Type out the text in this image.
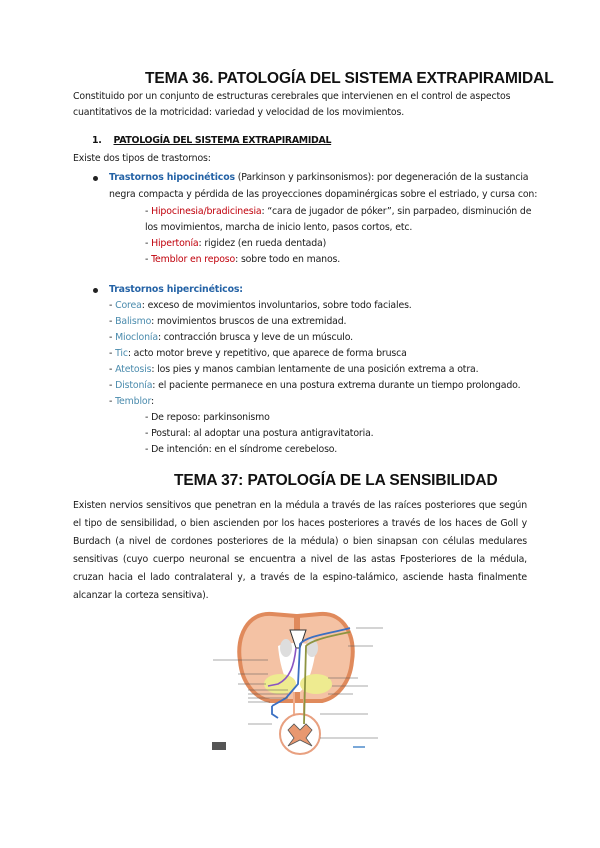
TEMA 36. PATOLOGÍA DEL SISTEMA EXTRAPIRAMIDAL
Constituido por un conjunto de estructuras cerebrales que intervienen en el control de aspectos
cuantitativos de la motricidad: variedad y velocidad de los movimientos.
1. PATOLOGÍA DEL SISTEMA EXTRAPIRAMIDAL
Existe dos tipos de trastornos:
Trastornos hipocinéticos (Parkinson y parkinsonismos): por degeneración de la sustancia
negra compacta y pérdida de las proyecciones dopaminérgicas sobre el estriado, y cursa con:
- Hipocinesia/bradicinesia: “cara de jugador de póker”, sin parpadeo, disminución de
los movimientos, marcha de inicio lento, pasos cortos, etc.
- Hipertonía: rigidez (en rueda dentada)
- Temblor en reposo: sobre todo en manos.
Trastornos hipercinéticos:
- Corea: exceso de movimientos involuntarios, sobre todo faciales.
- Balismo: movimientos bruscos de una extremidad.
- Mioclonía: contracción brusca y leve de un músculo.
- Tic: acto motor breve y repetitivo, que aparece de forma brusca
- Atetosis: los pies y manos cambian lentamente de una posición extrema a otra.
- Distonía: el paciente permanece en una postura extrema durante un tiempo prolongado.
- Temblor:
- De reposo: parkinsonismo
- Postural: al adoptar una postura antigravitatoria.
- De intención: en el síndrome cerebeloso.
TEMA 37: PATOLOGÍA DE LA SENSIBILIDAD
Existen nervios sensitivos que penetran en la médula a través de las raíces posteriores que según el tipo de sensibilidad, o bien ascienden por los haces posteriores a través de los haces de Goll y Burdach (a nivel de cordones posteriores de la médula) o bien sinapsan con células medulares sensitivas (cuyo cuerpo neuronal se encuentra a nivel de las astas Fposteriores de la médula, cruzan hacia el lado contralateral y, a través de la espino-talámico, asciende hasta finalmente alcanzar la corteza sensitiva).
